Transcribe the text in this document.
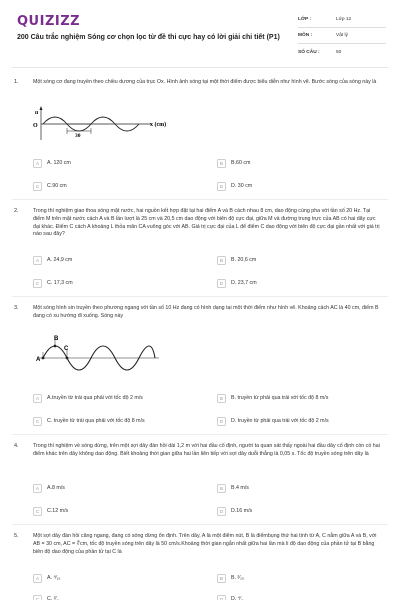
QUIZIZZ
200 Câu trắc nghiệm Sóng cơ chọn lọc từ đề thi cực hay có lời giải chi tiết (P1)
LỚP :	Lớp 12
MÔN :	Vật lý
SỐ CÂU :	50
1.	Một sóng cơ đang truyền theo chiều dương của trục Ox. Hình ảnh sóng tại một thời điểm được biểu diễn như hình vẽ. Bước sóng của sóng này là
u
O
30
x (cm)
A	A. 120 cm	B	B.60 cm
C	C.90 cm	D	D. 30 cm
2.	Trong thí nghiệm giao thoa sóng mặt nước, hai nguồn kết hợp đặt tại hai điểm A và B cách nhau 8 cm, dao động cùng pha với tần số 20 Hz. Tại điểm M trên mặt nước cách A và B lần lượt là 25 cm và 20,5 cm dao động với biên độ cực đại, giữa M và đường trung trực của AB có hai dãy cực đại khác. Điểm C cách A khoảng L thỏa mãn CA vuông góc với AB. Giá trị cực đại của L để điểm C dao động với biên độ cực đại gần nhất với giá trị nào sau đây?
A	A. 24,9 cm	B	B. 20,6 cm
C	C. 17,3 cm	D	D. 23,7 cm
3.	Một sóng hình sin truyền theo phương ngang với tần số 10 Hz đang có hình dạng tại một thời điểm như hình vẽ. Khoảng cách AC là 40 cm, điểm B đang có xu hướng đi xuống. Sóng này
A
B
C
A	A.truyền từ trái qua phải với tốc độ 2 m/s	B	B. truyền từ phải qua trái với tốc độ 8 m/s
C	C. truyền từ trái qua phải với tốc độ 8 m/s	D	D. truyền từ phải qua trái với tốc độ 2 m/s
4.	Trong thí nghiệm về sóng dừng, trên một sợi dây đàn hồi dài 1,2 m với hai đầu cố định, người ta quan sát thấy ngoài hai đầu dây cố định còn có hai điểm khác trên dây không dao động. Biết khoảng thời gian giữa hai lần liên tiếp với sợi dây duỗi thẳng là 0,05 s. Tốc độ truyền sóng trên dây là
A	A.8 m/s	B	B.4 m/s
C	C.12 m/s	D	D.16 m/s
5.	Một sợi dây đàn hồi căng ngang, đang có sóng dừng ổn định. Trên dây, A là một điểm nút, B là điểmbụng thứ hai tính từ A, C nằm giữa A và B, với AB = 30 cm, AC = ∜cm, tốc độ truyền sóng trên dây là 50 cm/s.Khoảng thời gian ngắn nhất giữa hai lần mà li độ dao động của phần tử tại B bằng biên độ dao động của phần tử tại C là
A	A. ⁴⁄₁₅	B	B. ²⁄₁₅
C	C. ²⁄₋	D	D. ⁴⁄₋
